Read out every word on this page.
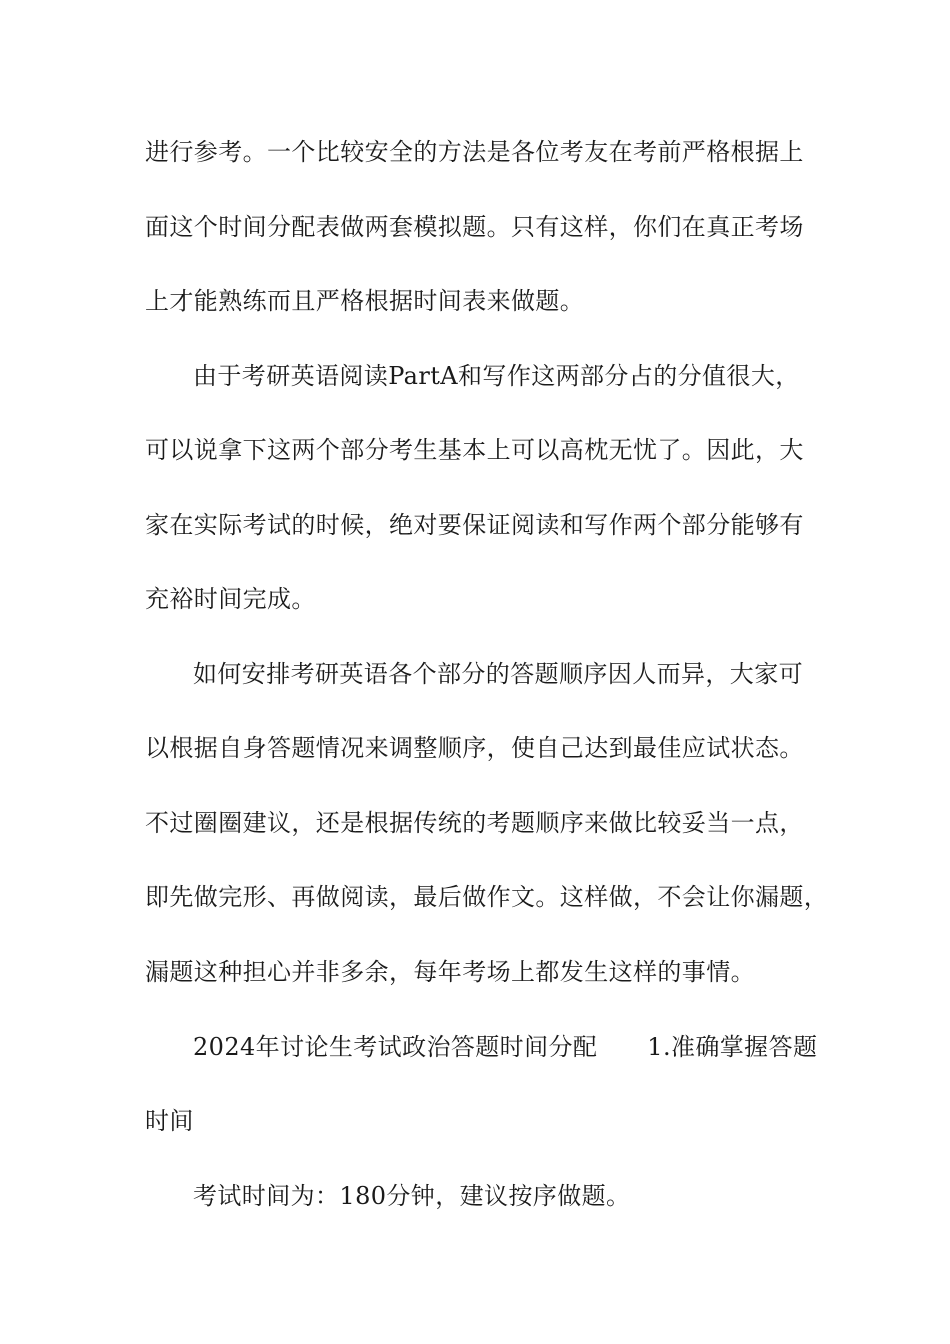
进行参考。一个比较安全的方法是各位考友在考前严格根据上
面这个时间分配表做两套模拟题。只有这样，你们在真正考场
上才能熟练而且严格根据时间表来做题。
由于考研英语阅读PartA和写作这两部分占的分值很大，
可以说拿下这两个部分考生基本上可以高枕无忧了。因此，大
家在实际考试的时候，绝对要保证阅读和写作两个部分能够有
充裕时间完成。
如何安排考研英语各个部分的答题顺序因人而异，大家可
以根据自身答题情况来调整顺序，使自己达到最佳应试状态。
不过圈圈建议，还是根据传统的考题顺序来做比较妥当一点，
即先做完形、再做阅读，最后做作文。这样做，不会让你漏题，
漏题这种担心并非多余，每年考场上都发生这样的事情。
2024年讨论生考试政治答题时间分配 1.准确掌握答题
时间
考试时间为：180分钟，建议按序做题。
